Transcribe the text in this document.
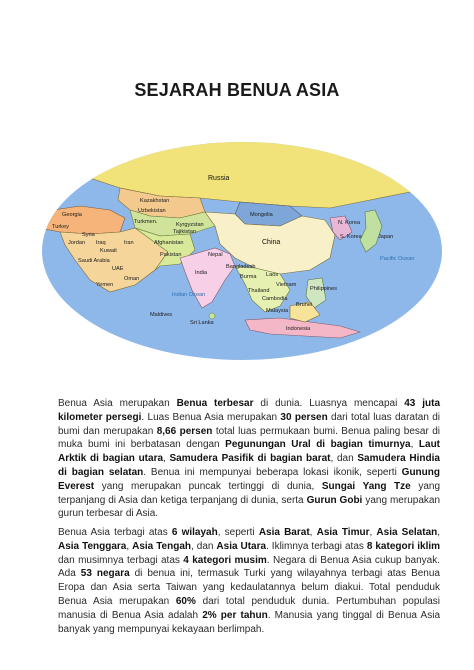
SEJARAH BENUA ASIA
Russia
Kazakhstan
Uzbekistan
Turkmen.
Mongolia
Kyrgyzstan
Tajikistan
Georgia
Turkey
Syria
Iraq	Iran	Afghanistan
Pakistan
Jordan
Kuwait
Saudi Arabia
UAE
Oman
Yemen
China
N. Korea
S. Korea	Japan
Nepal
India
Bangladesh
Burma Laos
Vietnam
Thailand
Cambodia
Philippines
Malaysia
Brunei
Sri Lanka
Maldives
Indonesia
Indian Ocean
Pacific Ocean
Benua Asia merupakan Benua terbesar di dunia. Luasnya mencapai 43 juta kilometer persegi. Luas Benua Asia merupakan 30 persen dari total luas daratan di bumi dan merupakan 8,66 persen total luas permukaan bumi. Benua paling besar di muka bumi ini berbatasan dengan Pegunungan Ural di bagian timurnya, Laut Arktik di bagian utara, Samudera Pasifik di bagian barat, dan Samudera Hindia di bagian selatan. Benua ini mempunyai beberapa lokasi ikonik, seperti Gunung Everest yang merupakan puncak tertinggi di dunia, Sungai Yang Tze yang terpanjang di Asia dan ketiga terpanjang di dunia, serta Gurun Gobi yang merupakan gurun terbesar di Asia.
Benua Asia terbagi atas 6 wilayah, seperti Asia Barat, Asia Timur, Asia Selatan, Asia Tenggara, Asia Tengah, dan Asia Utara. Iklimnya terbagi atas 8 kategori iklim dan musimnya terbagi atas 4 kategori musim. Negara di Benua Asia cukup banyak. Ada 53 negara di benua ini, termasuk Turki yang wilayahnya terbagi atas Benua Eropa dan Asia serta Taiwan yang kedaulatannya belum diakui. Total penduduk Benua Asia merupakan 60% dari total penduduk dunia. Pertumbuhan populasi manusia di Benua Asia adalah 2% per tahun. Manusia yang tinggal di Benua Asia banyak yang mempunyai kekayaan berlimpah.
